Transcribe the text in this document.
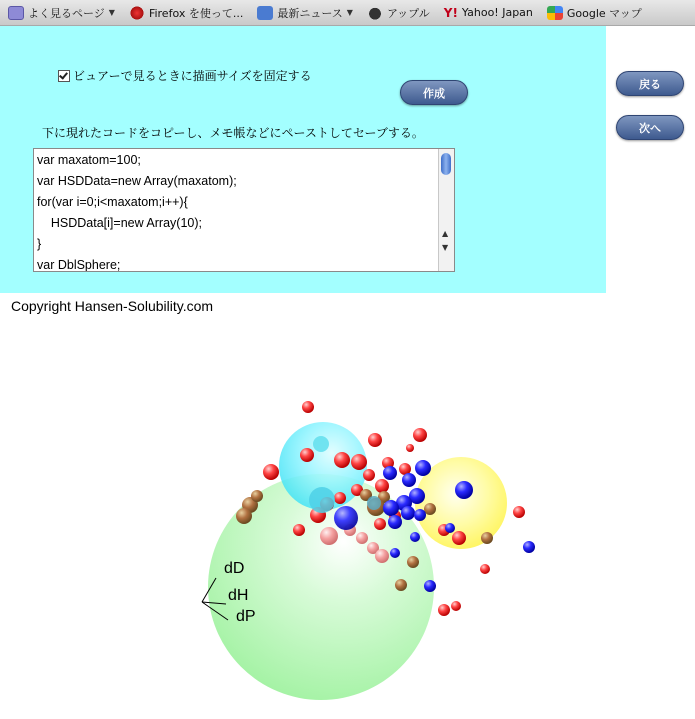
よく見るページ ▼	Firefox を使って...	最新ニュース ▼	アップル Y! Yahoo! Japan	Google マップ
ビュアーで見るときに描画サイズを固定する
作成
下に現れたコードをコピーし、メモ帳などにペーストしてセーブする。
var maxatom=100;
var HSDData=new Array(maxatom);
for(var i=0;i<maxatom;i++){
HSDData[i]=new Array(10);
}
var DblSphere;
▲
▼
戻る
次へ
Copyright Hansen-Solubility.com
dD
dH
dP
